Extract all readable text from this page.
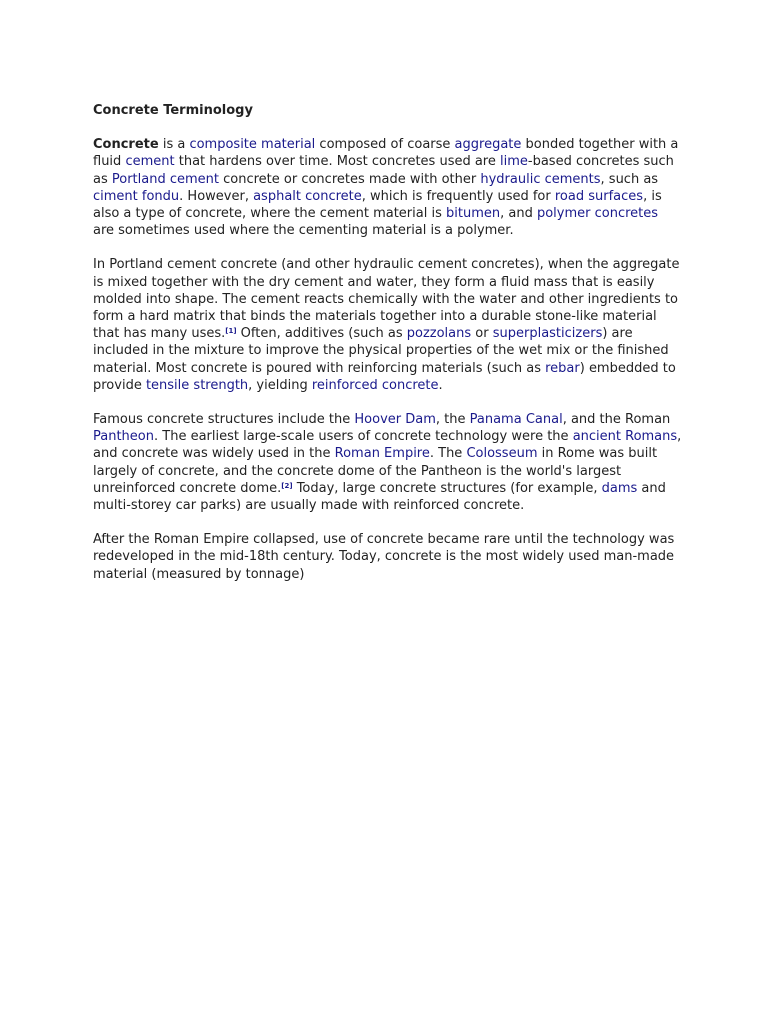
Concrete Terminology

Concrete is a composite material composed of coarse aggregate bonded together with a fluid cement that hardens over time. Most concretes used are lime-based concretes such as Portland cement concrete or concretes made with other hydraulic cements, such as ciment fondu. However, asphalt concrete, which is frequently used for road surfaces, is also a type of concrete, where the cement material is bitumen, and polymer concretes are sometimes used where the cementing material is a polymer.

In Portland cement concrete (and other hydraulic cement concretes), when the aggregate is mixed together with the dry cement and water, they form a fluid mass that is easily molded into shape. The cement reacts chemically with the water and other ingredients to form a hard matrix that binds the materials together into a durable stone-like material that has many uses.[1] Often, additives (such as pozzolans or superplasticizers) are included in the mixture to improve the physical properties of the wet mix or the finished material. Most concrete is poured with reinforcing materials (such as rebar) embedded to provide tensile strength, yielding reinforced concrete.

Famous concrete structures include the Hoover Dam, the Panama Canal, and the Roman Pantheon. The earliest large-scale users of concrete technology were the ancient Romans, and concrete was widely used in the Roman Empire. The Colosseum in Rome was built largely of concrete, and the concrete dome of the Pantheon is the world's largest unreinforced concrete dome.[2] Today, large concrete structures (for example, dams and multi-storey car parks) are usually made with reinforced concrete.

After the Roman Empire collapsed, use of concrete became rare until the technology was redeveloped in the mid-18th century. Today, concrete is the most widely used man-made material (measured by tonnage)
